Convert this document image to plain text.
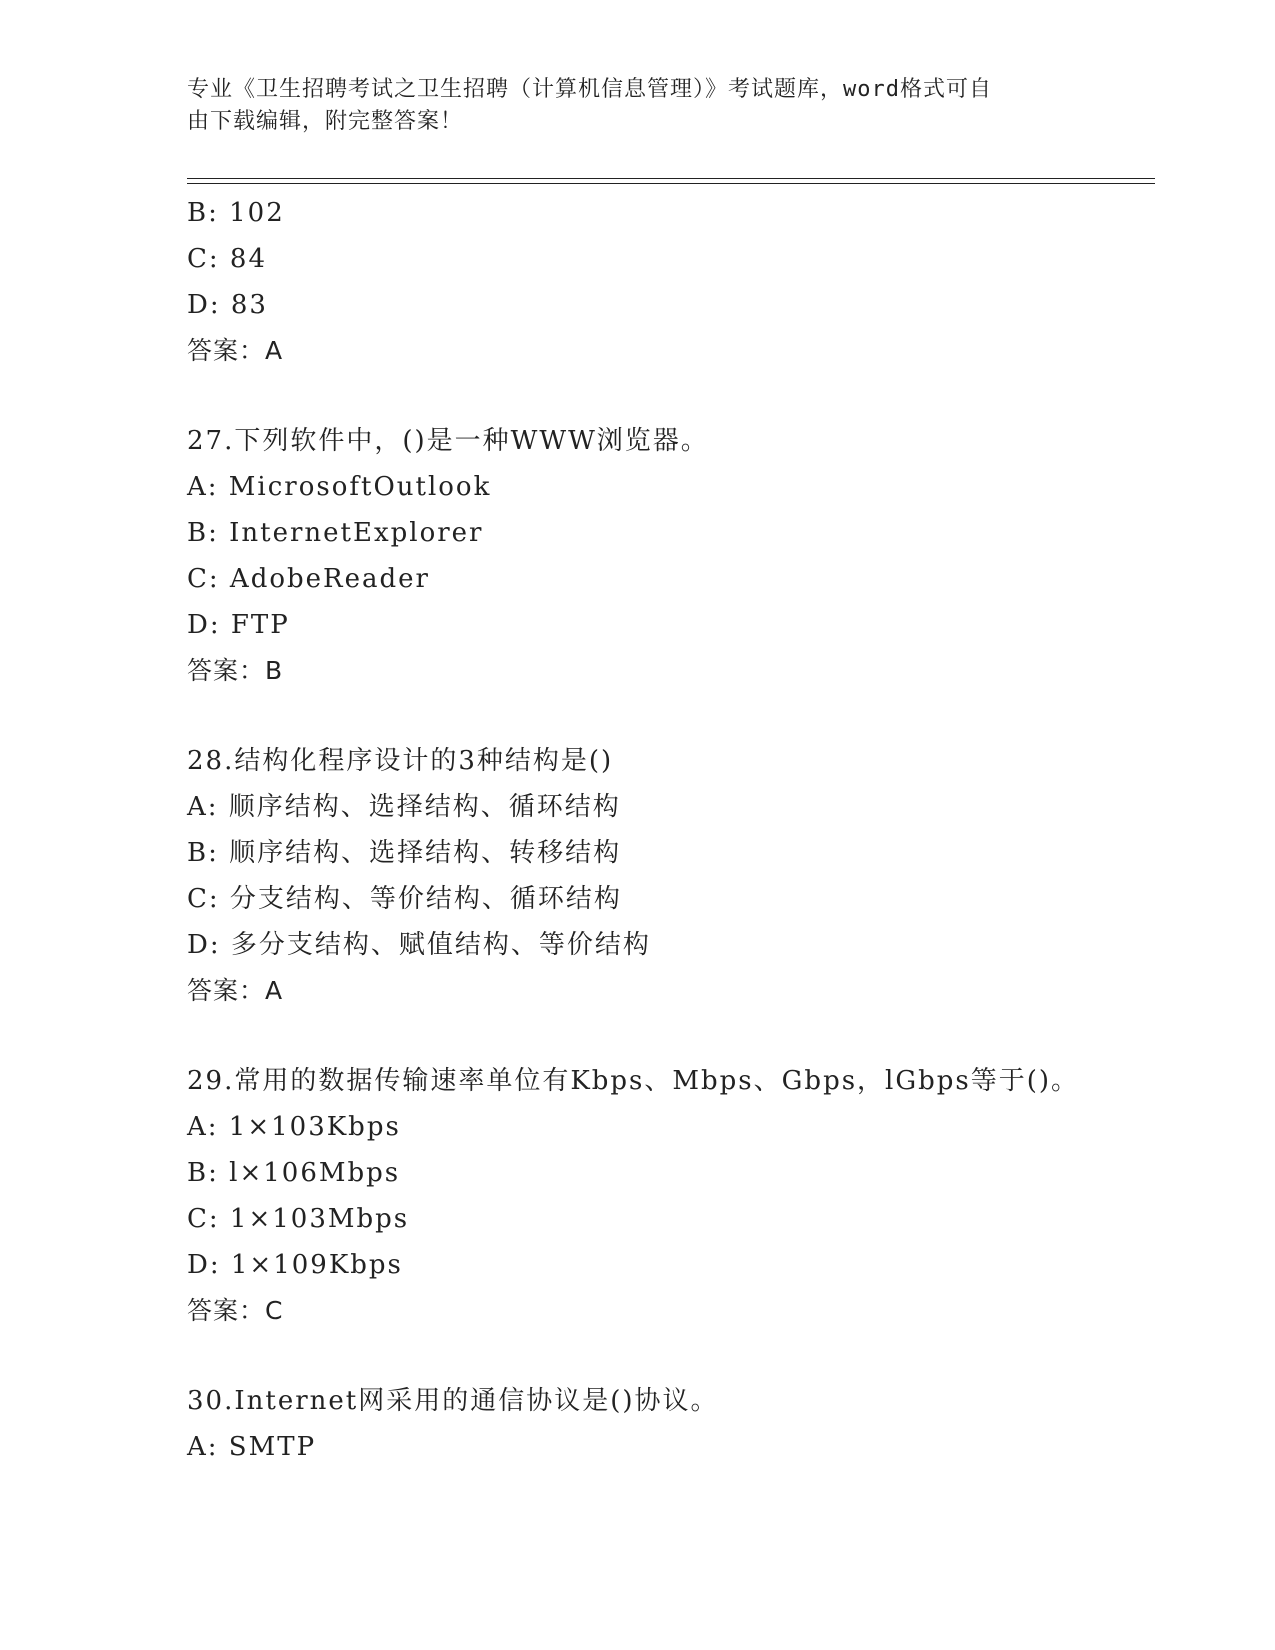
专业《卫生招聘考试之卫生招聘（计算机信息管理）》考试题库，word格式可自
由下载编辑，附完整答案！
B: 102
C: 84
D: 83
答案：A
27.下列软件中，()是一种WWW浏览器。
A: MicrosoftOutlook
B: InternetExplorer
C: AdobeReader
D: FTP
答案：B
28.结构化程序设计的3种结构是()
A: 顺序结构、选择结构、循环结构
B: 顺序结构、选择结构、转移结构
C: 分支结构、等价结构、循环结构
D: 多分支结构、赋值结构、等价结构
答案：A
29.常用的数据传输速率单位有Kbps、Mbps、Gbps，lGbps等于()。
A: 1×103Kbps
B: l×106Mbps
C: 1×103Mbps
D: 1×109Kbps
答案：C
30.Internet网采用的通信协议是()协议。
A: SMTP
